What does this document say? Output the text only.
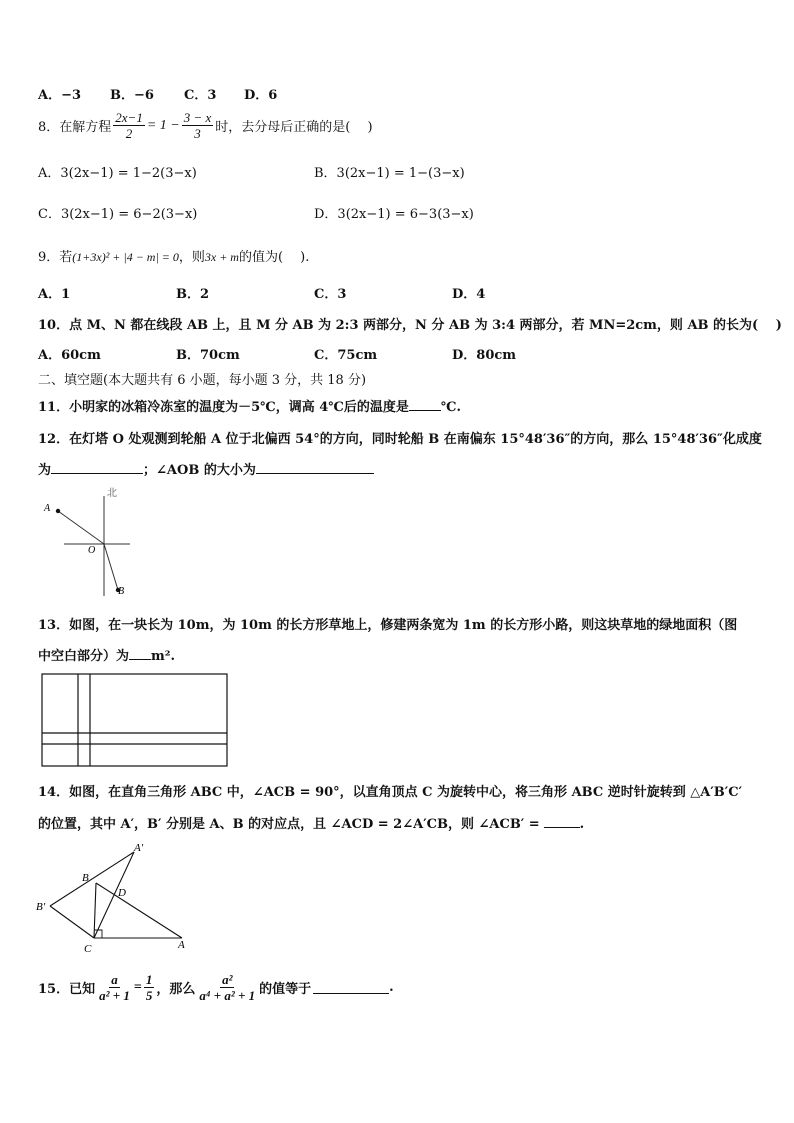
A．−3 B．−6 C．3 D．6
8．在解方程 $\frac{2x-1}{2} = 1 - \frac{3 - x}{3}$ 时，去分母后正确的是(　 )
A．3(2x−1) = 1−2(3−x)	B．3(2x−1) = 1−(3−x)
C．3(2x−1) = 6−2(3−x)	D．3(2x−1) = 6−3(3−x)
9．若(1+3x)² + |4 − m| = 0，则3x + m的值为(　 ).
A．1	B．2	C．3	D．4
10．点 M、N 都在线段 AB 上，且 M 分 AB 为 2:3 两部分，N 分 AB 为 3:4 两部分，若 MN=2cm，则 AB 的长为(　 )
A．60cm	B．70cm	C．75cm	D．80cm
二、填空题(本大题共有 6 小题，每小题 3 分，共 18 分)
11．小明家的冰箱冷冻室的温度为－5℃，调高 4℃后的温度是 ℃.
12．在灯塔 O 处观测到轮船 A 位于北偏西 54°的方向，同时轮船 B 在南偏东 15°48′36″的方向，那么 15°48′36″化成度
为	；∠AOB 的大小为
北
A
O
B
13．如图，在一块长为 10m，为 10m 的长方形草地上，修建两条宽为 1m 的长方形小路，则这块草地的绿地面积（图
中空白部分）为 m².
14．如图，在直角三角形 ABC 中，∠ACB = 90°，以直角顶点 C 为旋转中心，将三角形 ABC 逆时针旋转到 △A′B′C′
的位置，其中 A′，B′ 分别是 A、B 的对应点，且 ∠ACD = 2∠A′CB，则 ∠ACB′ =	.
A′
B
D
B′
C	A
15．已知 $\frac{a}{\text{a² + 1}} = \frac{1}{5}$ ，那么 $\frac{\text{a²}}{\text{a⁴ + a² + 1}}$ 的值等于	.
